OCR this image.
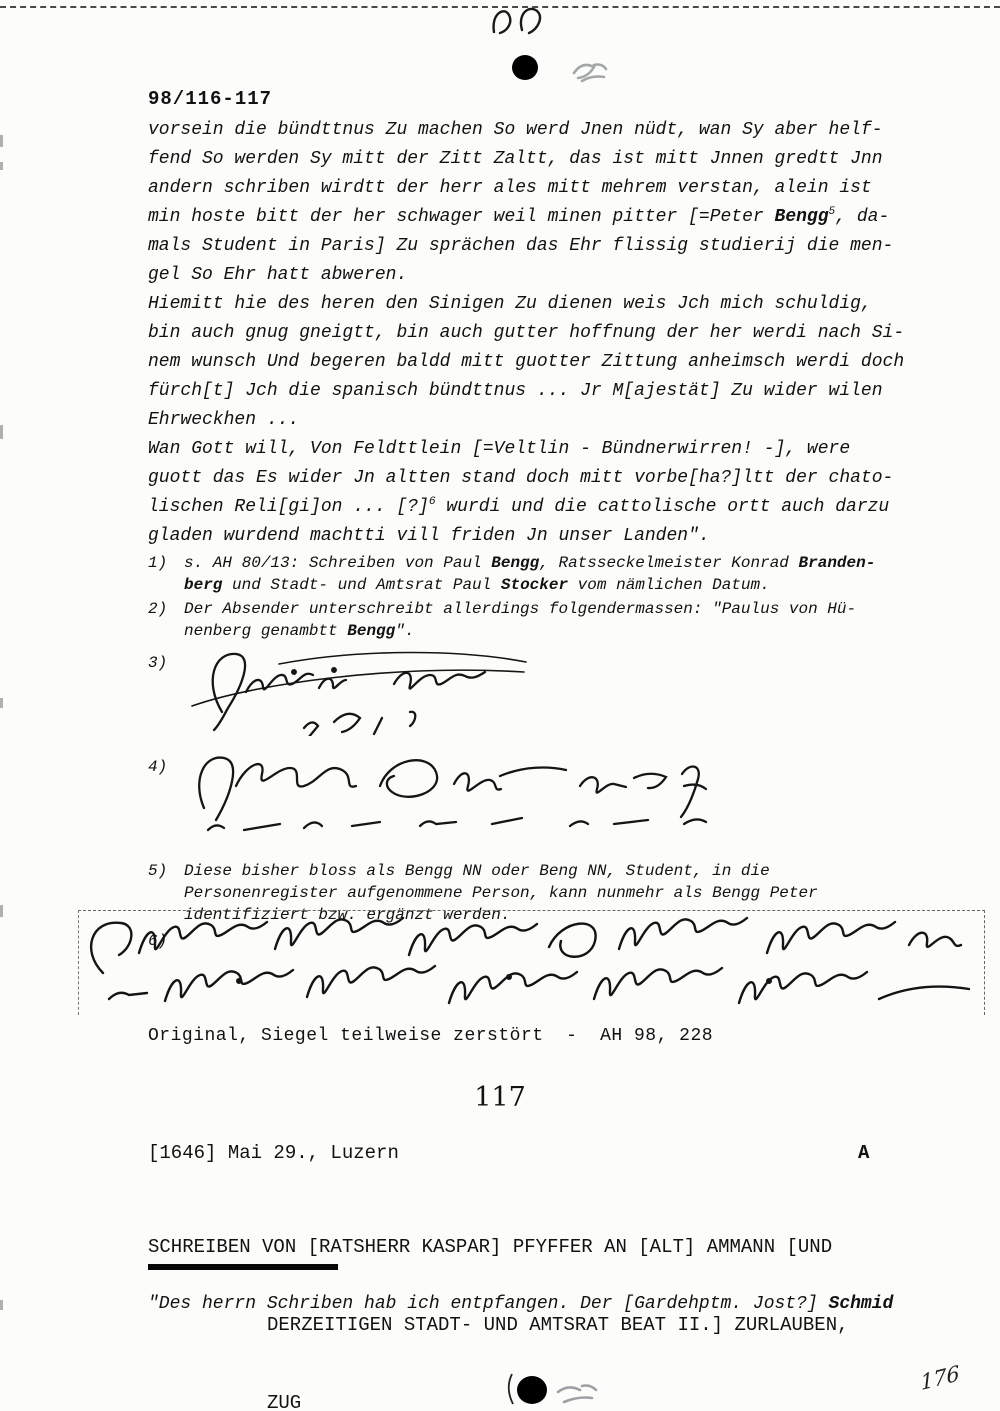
98/116-117
vorsein die bündttnus Zu machen So werd Jnen nüdt, wan Sy aber helf-
fend So werden Sy mitt der Zitt Zaltt, das ist mitt Jnnen gredtt Jnn
andern schriben wirdtt der herr ales mitt mehrem verstan, alein ist
min hoste bitt der her schwager weil minen pitter [=Peter Bengg$^5$, da-
mals Student in Paris] Zu sprächen das Ehr flissig studierij die men-
gel So Ehr hatt abweren.
Hiemitt hie des heren den Sinigen Zu dienen weis Jch mich schuldig,
bin auch gnug gneigtt, bin auch gutter hoffnung der her werdi nach Si-
nem wunsch Und begeren baldd mitt guotter Zittung anheimsch werdi doch
fürch[t] Jch die spanisch bündttnus ... Jr M[ajestät] Zu wider wilen
Ehrweckhen ...
Wan Gott will, Von Feldttlein [=Veltlin - Bündnerwirren! -], were
guott das Es wider Jn altten stand doch mitt vorbe[ha?]ltt der chato-
lischen Reli[gi]on ... [?]$^6$ wurdi und die cattolische ortt auch darzu
gladen wurdend machtti vill friden Jn unser Landen".
1)	s. AH 80/13: Schreiben von Paul Bengg, Ratsseckelmeister Konrad Branden-
berg und Stadt- und Amtsrat Paul Stocker vom nämlichen Datum.
2)	Der Absender unterschreibt allerdings folgendermassen: "Paulus von Hü-
nenberg genambtt Bengg".
3)
4)
5)	Diese bisher bloss als Bengg NN oder Beng NN, Student, in die
Personenregister aufgenommene Person, kann nunmehr als Bengg Peter
identifiziert bzw. ergänzt werden.
6)
Original, Siegel teilweise zerstört  -  AH 98, 228
117
[1646] Mai 29., Luzern	A

SCHREIBEN VON [RATSHERR KASPAR] PFYFFER AN [ALT] AMMANN [UND

DERZEITIGEN STADT- UND AMTSRAT BEAT II.] ZURLAUBEN,

ZUG

"Des herrn Schriben hab ich entpfangen. Der [Gardehptm. Jost?] Schmid
176
